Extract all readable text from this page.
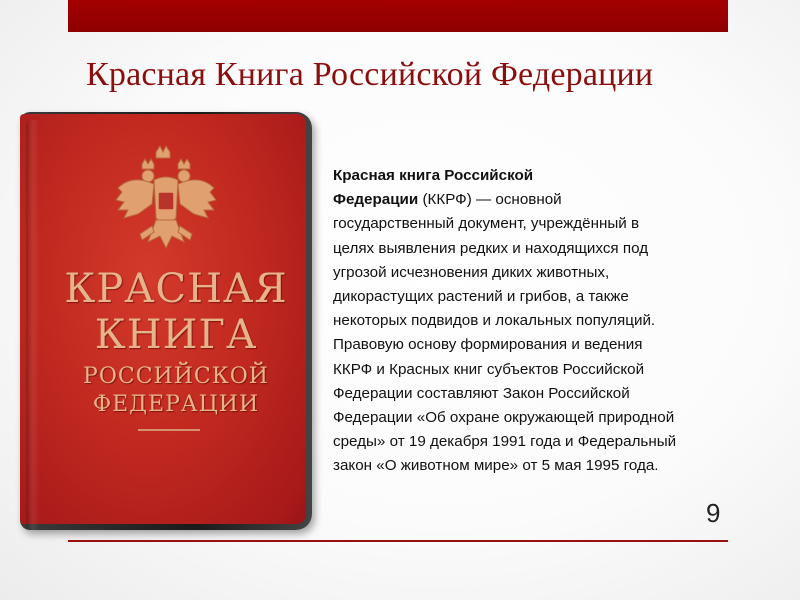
Красная Книга Российской Федерации
КРАСНАЯ
КНИГА
РОССИЙСКОЙ
ФЕДЕРАЦИИ
Красная книга Российской
Федерации (ККРФ) — основной
государственный документ, учреждённый в
целях выявления редких и находящихся под
угрозой исчезновения диких животных,
дикорастущих растений и грибов, а также
некоторых подвидов и локальных популяций.
Правовую основу формирования и ведения
ККРФ и Красных книг субъектов Российской
Федерации составляют Закон Российской
Федерации «Об охране окружающей природной
среды» от 19 декабря 1991 года и Федеральный
закон «О животном мире» от 5 мая 1995 года.
9
